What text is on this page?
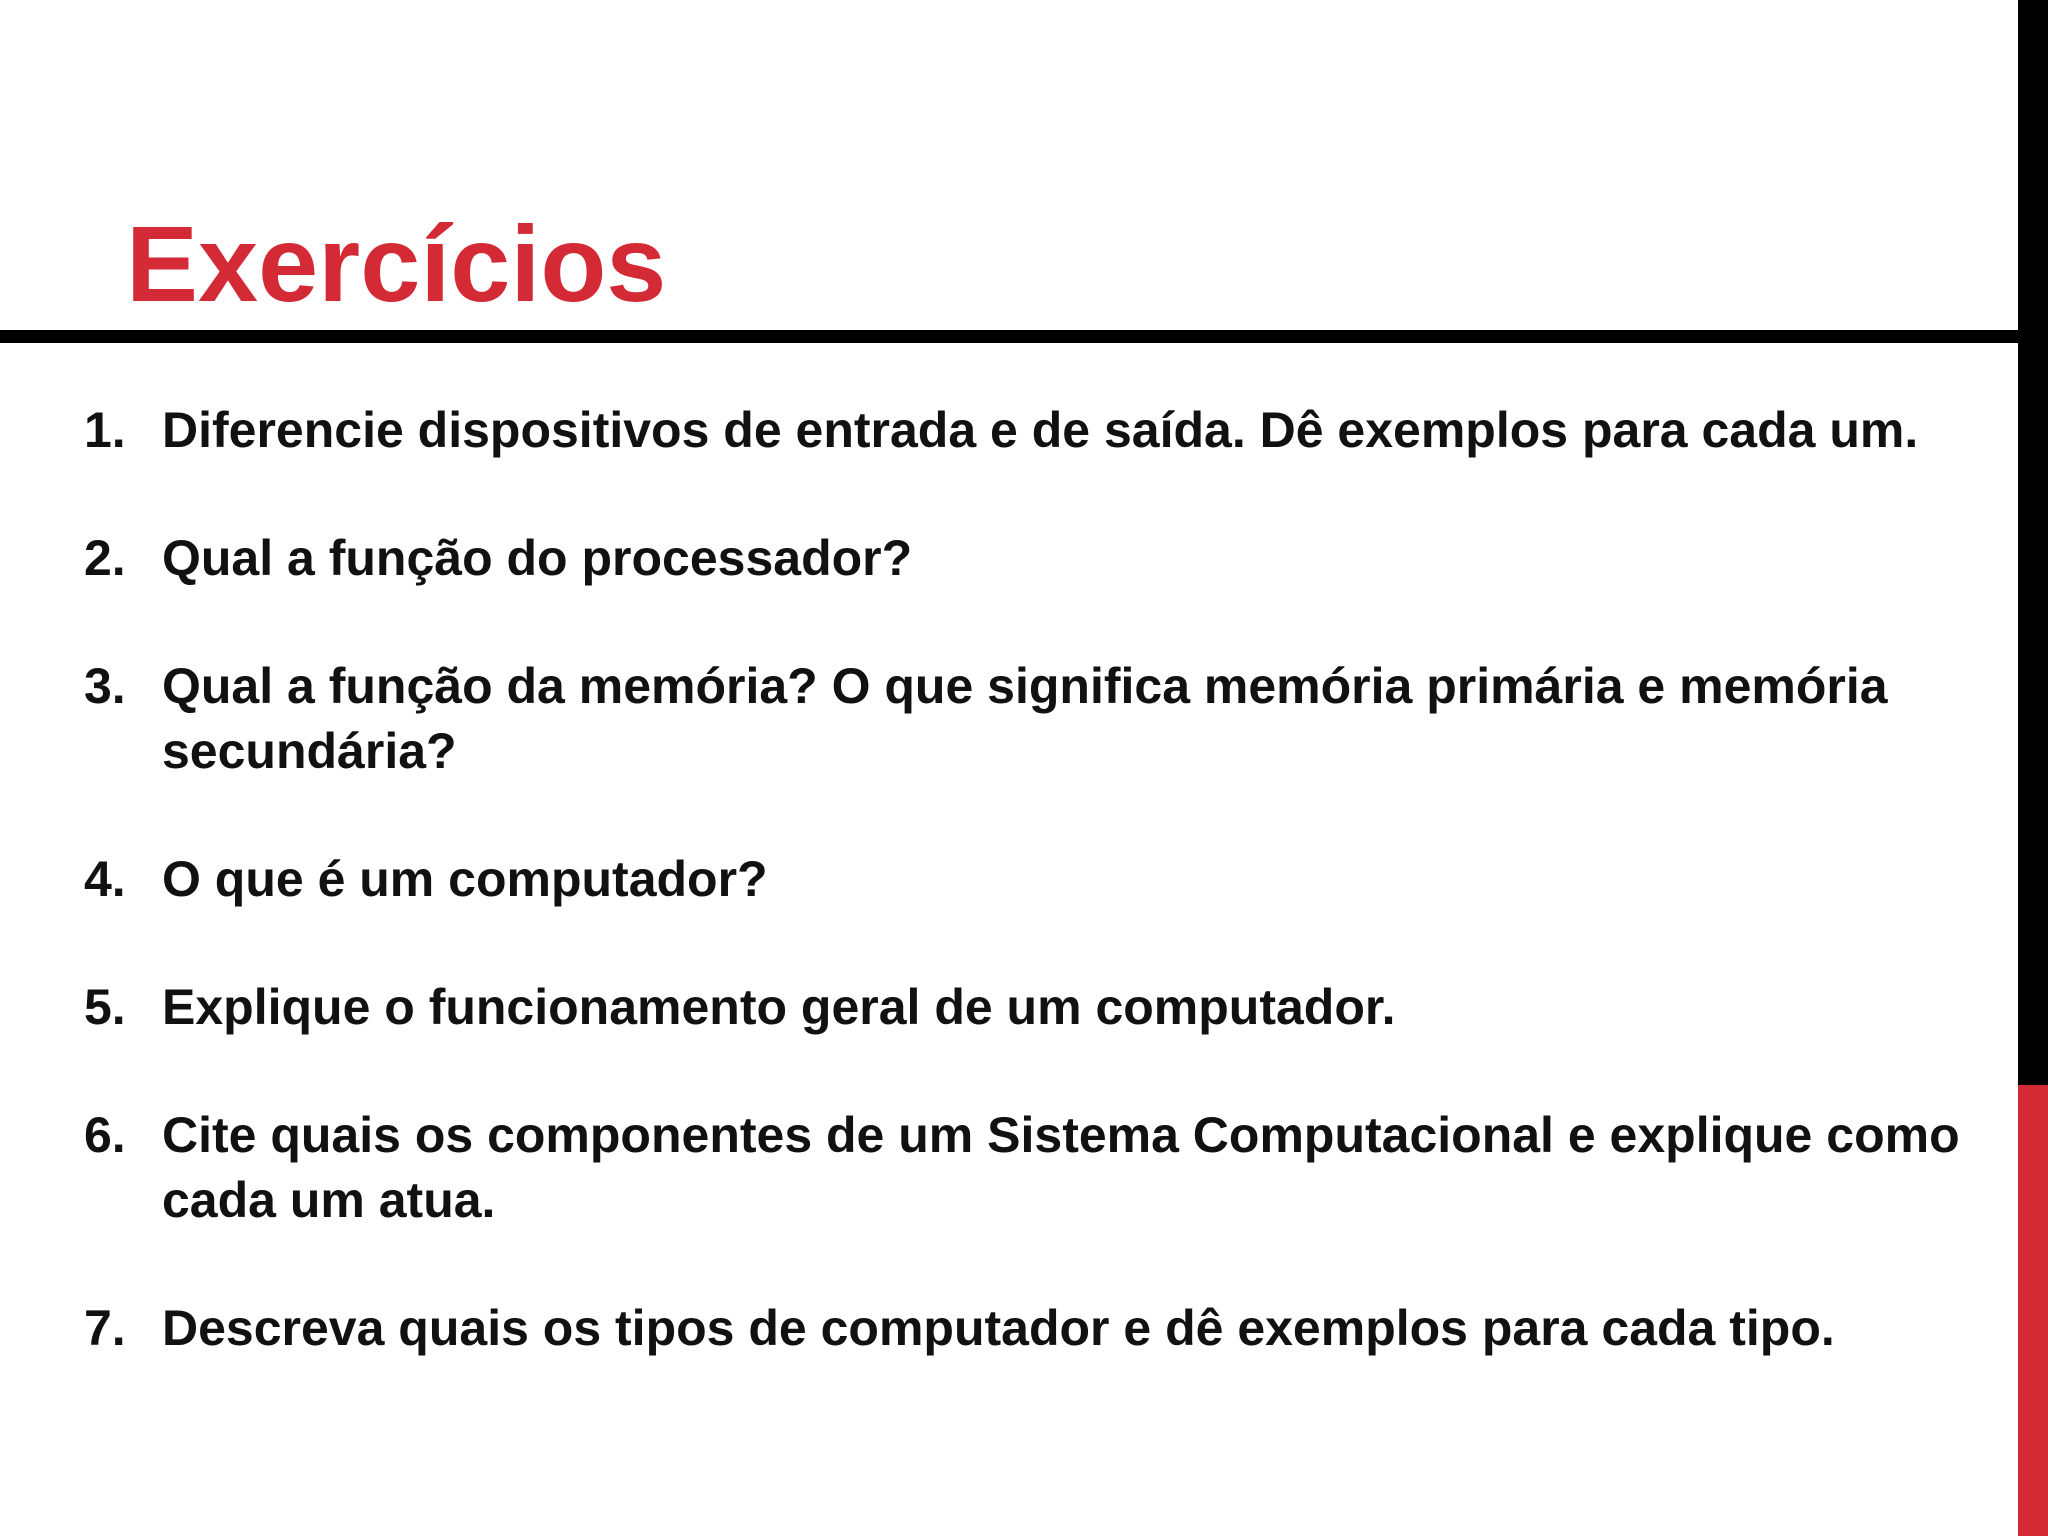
Exercícios
1. Diferencie dispositivos de entrada e de saída. Dê exemplos para cada um.
2. Qual a função do processador?
3. Qual a função da memória? O que significa memória primária e memória secundária?
4. O que é um computador?
5. Explique o funcionamento geral de um computador.
6. Cite quais os componentes de um Sistema Computacional e explique como cada um atua.
7. Descreva quais os tipos de computador e dê exemplos para cada tipo.
